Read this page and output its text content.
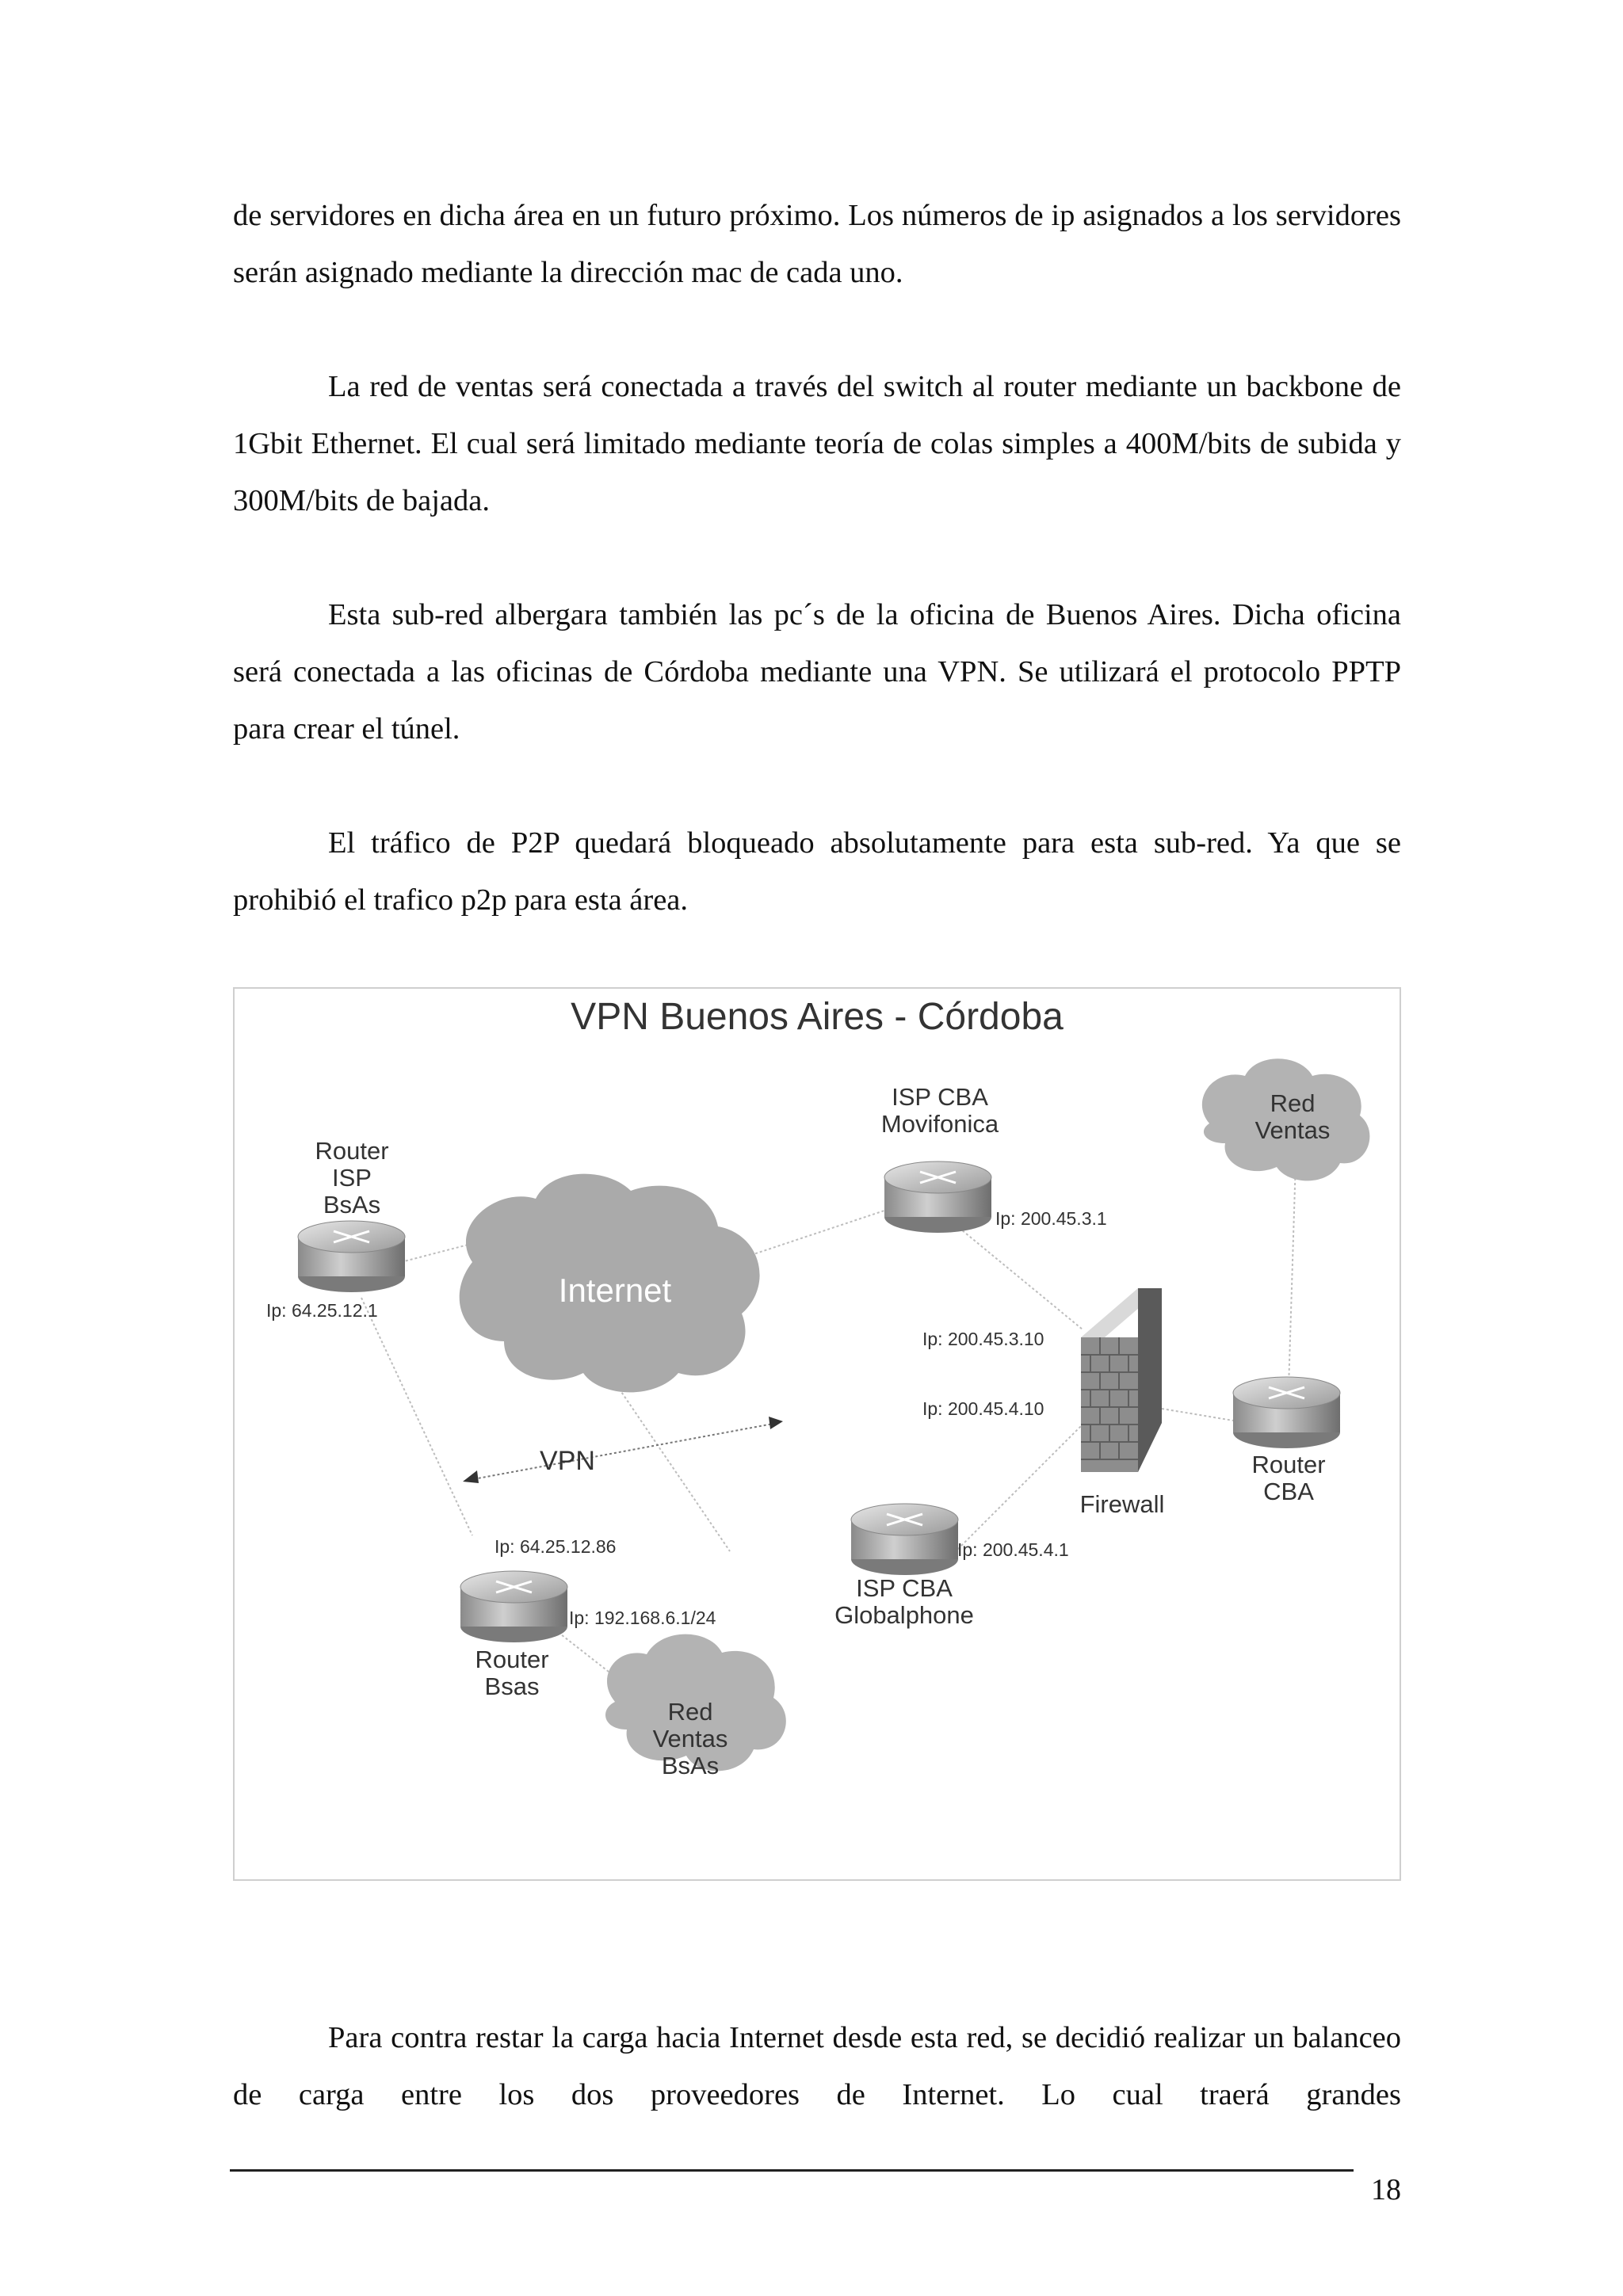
de servidores en dicha área en un futuro próximo. Los números de ip asignados a los servidores serán asignado mediante la dirección mac de cada uno.

La red de ventas será conectada a través del switch al router mediante un backbone de 1Gbit Ethernet. El cual será limitado mediante teoría de colas simples a 400M/bits de subida y 300M/bits de bajada.

Esta sub-red albergara también las pc´s de la oficina de Buenos Aires. Dicha oficina será conectada a las oficinas de Córdoba mediante una VPN. Se utilizará el protocolo PPTP para crear el túnel.

El tráfico de P2P quedará bloqueado absolutamente para esta sub-red. Ya que se prohibió el trafico p2p para esta área.

VPN Buenos Aires - Córdoba
Router
ISP
BsAs
ISP CBA
Movifonica
Red
Ventas
Internet
Firewall
Router
CBA
VPN
ISP CBA
Globalphone
Router
Bsas
Red
Ventas
BsAs
Ip: 64.25.12.1
Ip: 200.45.3.1
Ip: 200.45.3.10
Ip: 200.45.4.10
Ip: 64.25.12.86
Ip: 192.168.6.1/24
Ip: 200.45.4.1

Para contra restar la carga hacia Internet desde esta red, se decidió realizar un balanceo de carga entre los dos proveedores de Internet. Lo cual traerá grandes

18
